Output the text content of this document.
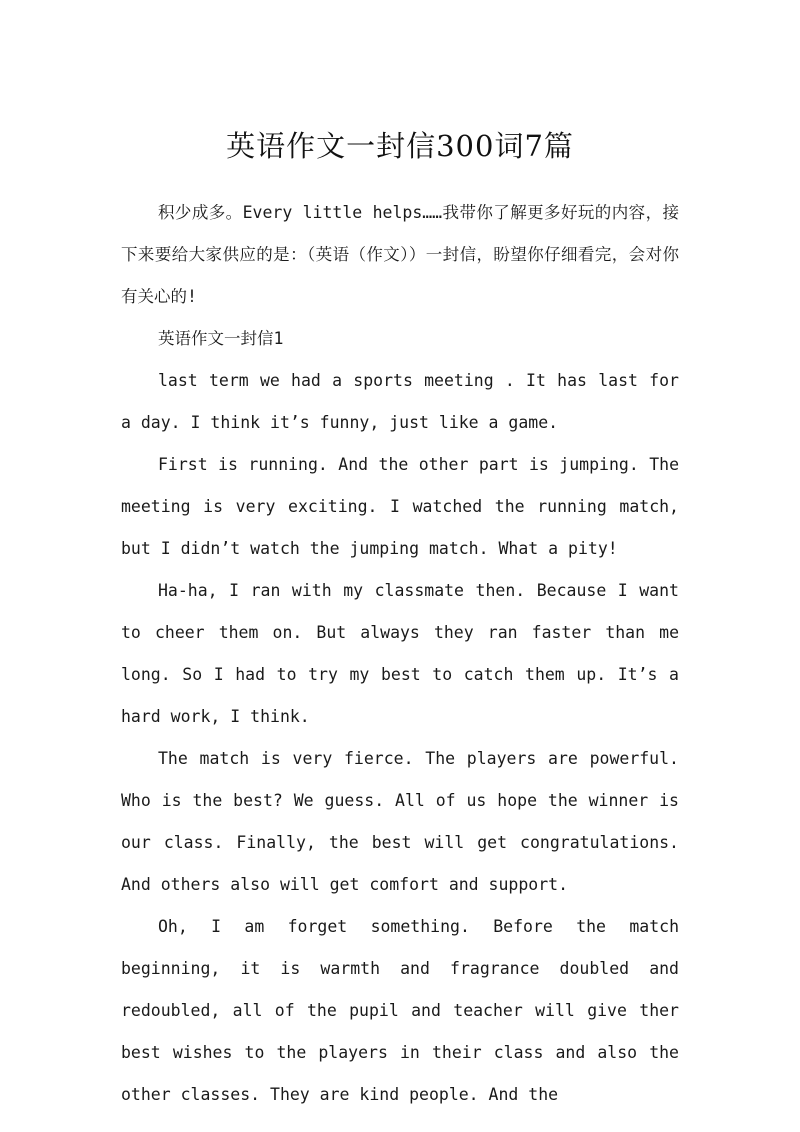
英语作文一封信300词7篇

积少成多。Every little helps……我带你了解更多好玩的内容，接下来要给大家供应的是：（英语（作文））一封信，盼望你仔细看完，会对你有关心的!

英语作文一封信1

last term we had a sports meeting . It has last for a day. I think it’s funny, just like a game.

First is running. And the other part is jumping. The meeting is very exciting. I watched the running match, but I didn’t watch the jumping match. What a pity!

Ha-ha, I ran with my classmate then. Because I want to cheer them on. But always they ran faster than me long. So I had to try my best to catch them up. It’s a hard work, I think.

The match is very fierce. The players are powerful. Who is the best? We guess. All of us hope the winner is our class. Finally, the best will get congratulations. And others also will get comfort and support.

Oh, I am forget something. Before the match beginning, it is warmth and fragrance doubled and redoubled, all of the pupil and teacher will give ther best wishes to the players in their class and also the other classes. They are kind people. And the
